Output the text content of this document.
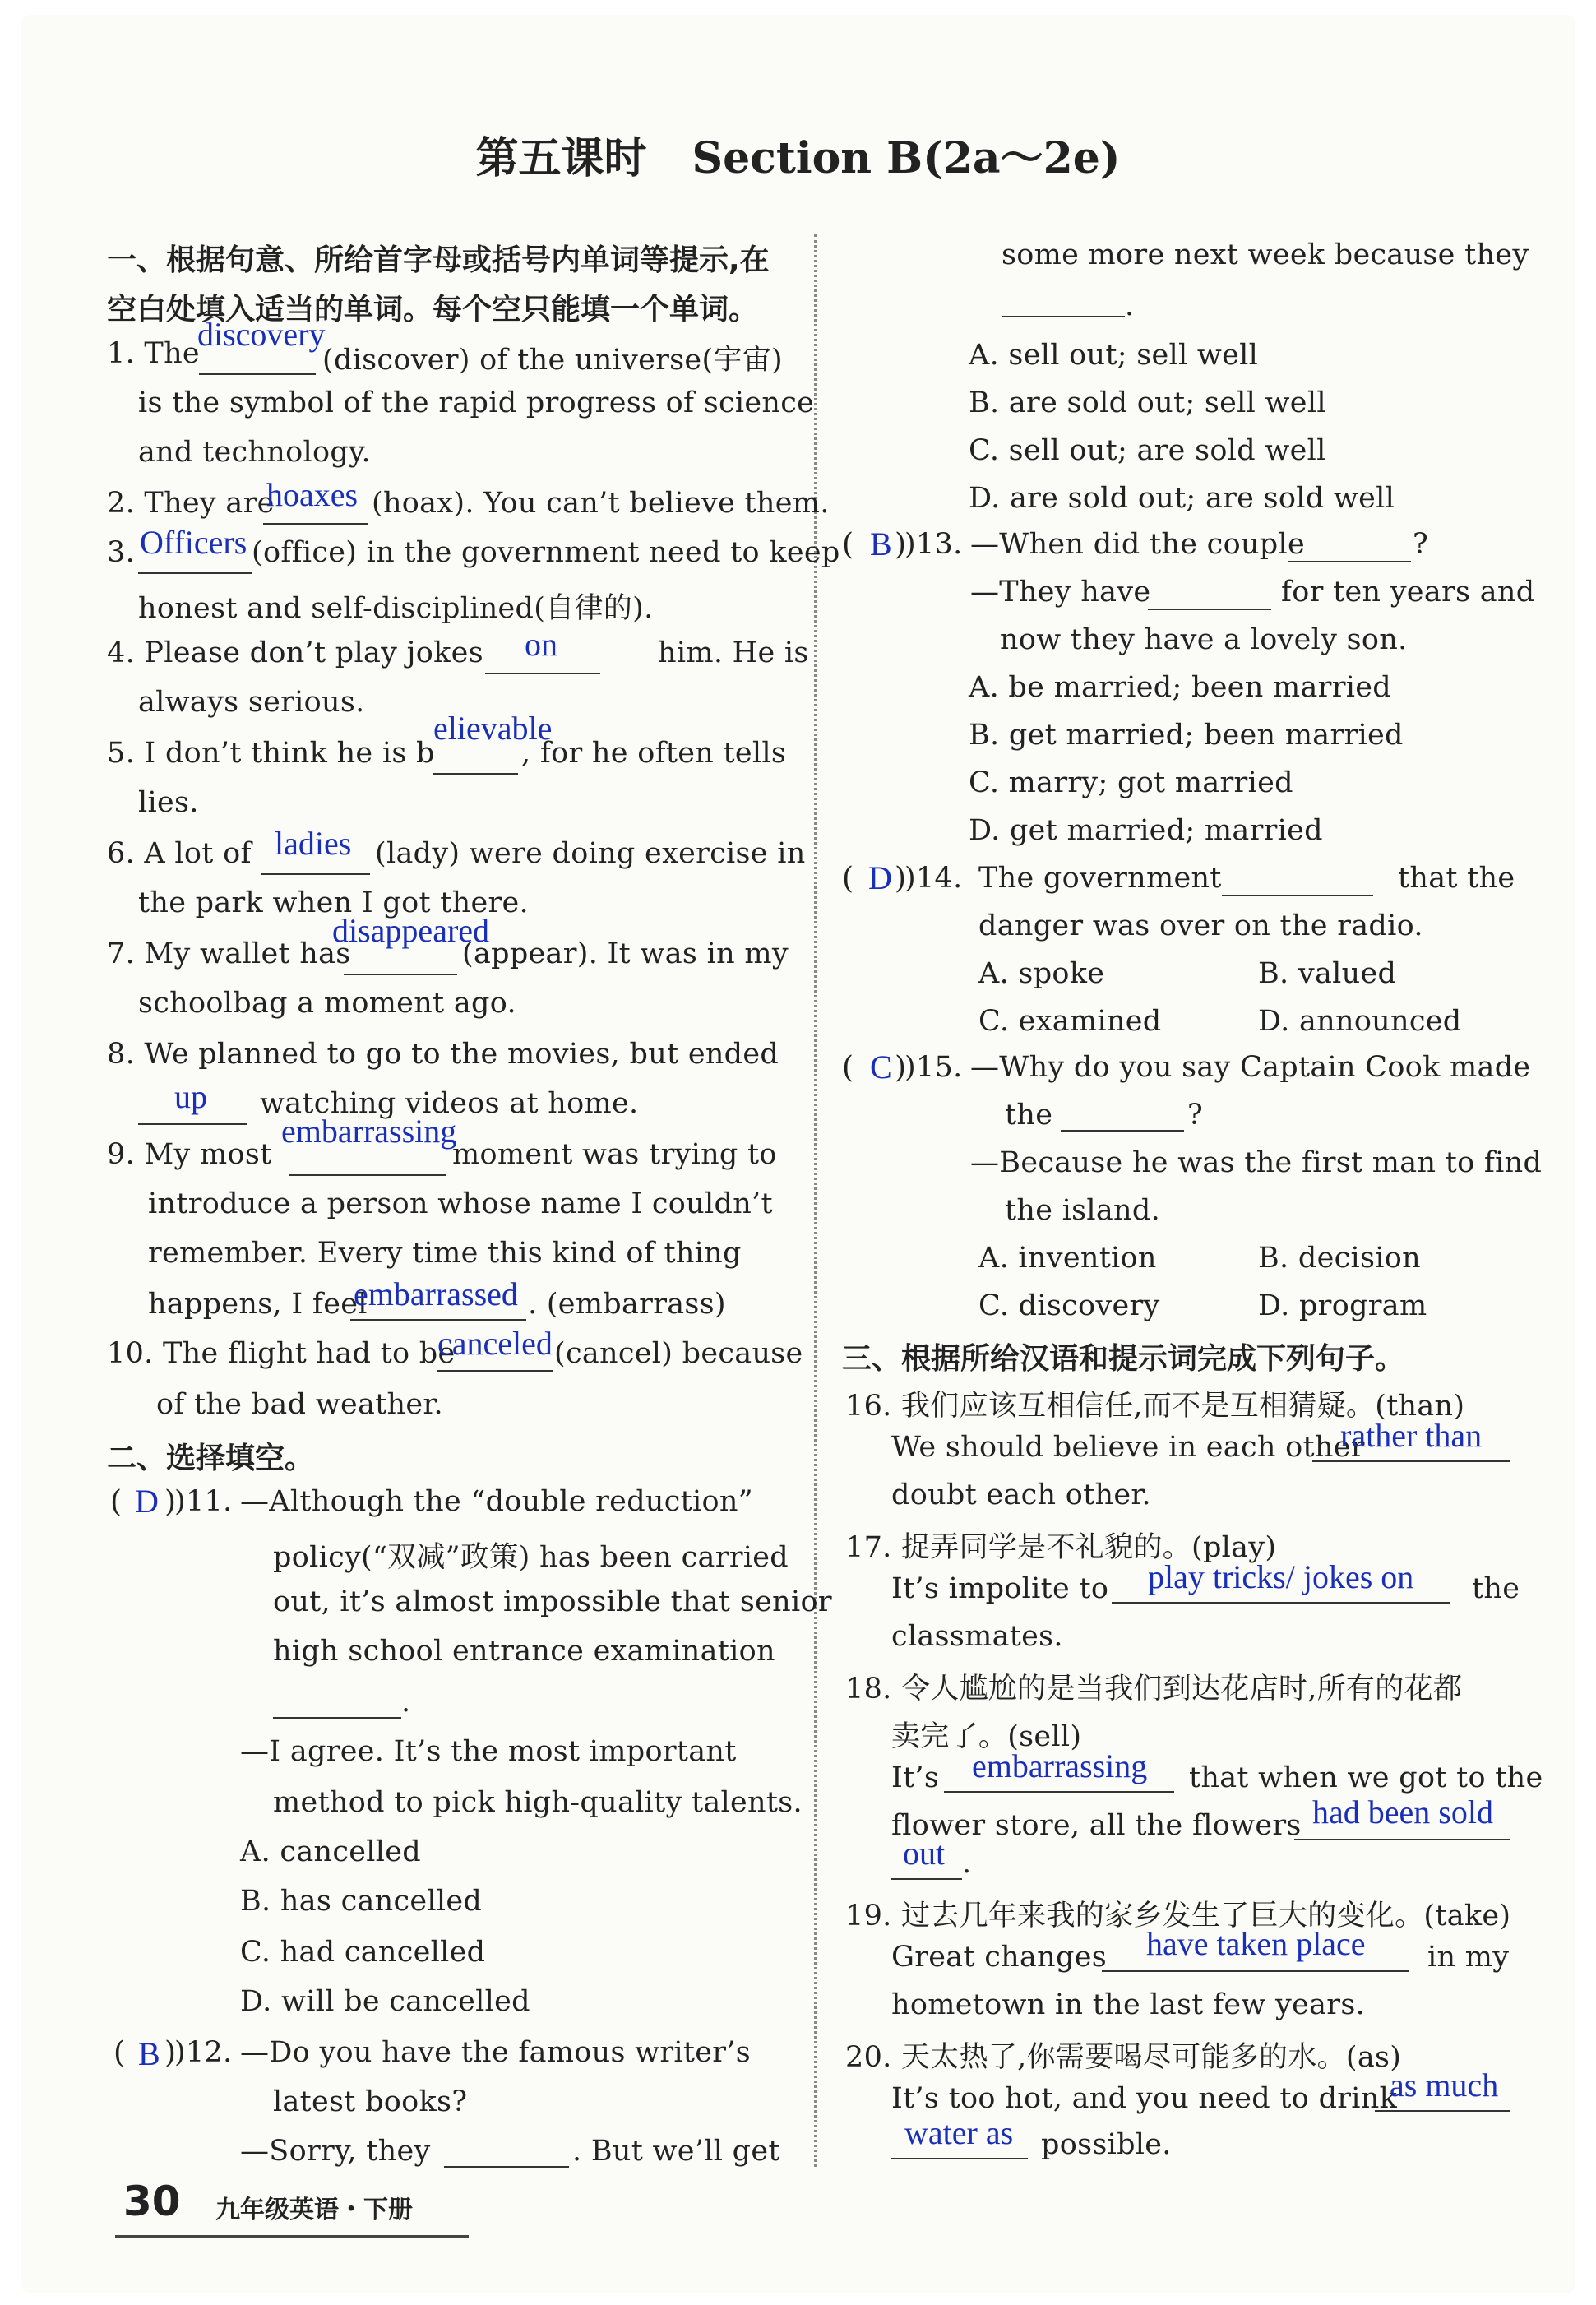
第五课时 Section B(2a～2e)
一、根据句意、所给首字母或括号内单词等提示,在
空白处填入适当的单词。每个空只能填一个单词。
1. The
discovery
(discover) of the universe(宇宙)
is the symbol of the rapid progress of science
and technology.
2. They are
hoaxes (hoax). You can’t believe them.
3. Officers (office) in the government need to keep
honest and self-disciplined(自律的).
4. Please don’t play jokes on	him. He is
always serious.
5. I don’t think he is b
elievable
, for he often tells
lies.
6. A lot of ladies (lady) were doing exercise in
the park when I got there.
7. My wallet has
disappeared
(appear). It was in my
schoolbag a moment ago.
8. We planned to go to the movies, but ended
up watching videos at home.
9. My most
embarrassing
moment was trying to
introduce a person whose name I couldn’t
remember. Every time this kind of thing
happens, I feel
embarrassed . (embarrass)
10. The flight had to be
canceled (cancel) because
of the bad weather.
二、选择填空。
( D )11. —Although the “double reduction”
policy(“双减”政策) has been carried
out, it’s almost impossible that senior
high school entrance examination
.
—I agree. It’s the most important
method to pick high-quality talents.
A. cancelled
B. has cancelled
C. had cancelled
D. will be cancelled
( B )12. —Do you have the famous writer’s
latest books?
—Sorry, they	. But we’ll get
some more next week because they
.
A. sell out; sell well
B. are sold out; sell well
C. sell out; are sold well
D. are sold out; are sold well
( B )13. —When did the couple	?
—They have	for ten years and
now they have a lovely son.
A. be married; been married
B. get married; been married
C. marry; got married
D. get married; married
( D )14. The government	that the
danger was over on the radio.
A. spoke	B. valued
C. examined	D. announced
( C )15. —Why do you say Captain Cook made
the	?
—Because he was the first man to find
the island.
A. invention	B. decision
C. discovery	D. program
)
)
)
)
)
三、根据所给汉语和提示词完成下列句子。
16. 我们应该互相信任,而不是互相猜疑。(than)
We should believe in each other
rather than
doubt each other.
17. 捉弄同学是不礼貌的。(play)
It’s impolite to play tricks/ jokes on the
classmates.
18. 令人尴尬的是当我们到达花店时,所有的花都
卖完了。(sell)
It’s embarrassing that when we got to the
flower store, all the flowers had been sold
out .
19. 过去几年来我的家乡发生了巨大的变化。(take)
Great changes have taken place in my
hometown in the last few years.
20. 天太热了,你需要喝尽可能多的水。(as)
It’s too hot, and you need to drink
as much
water as possible.
30 九年级英语・下册
